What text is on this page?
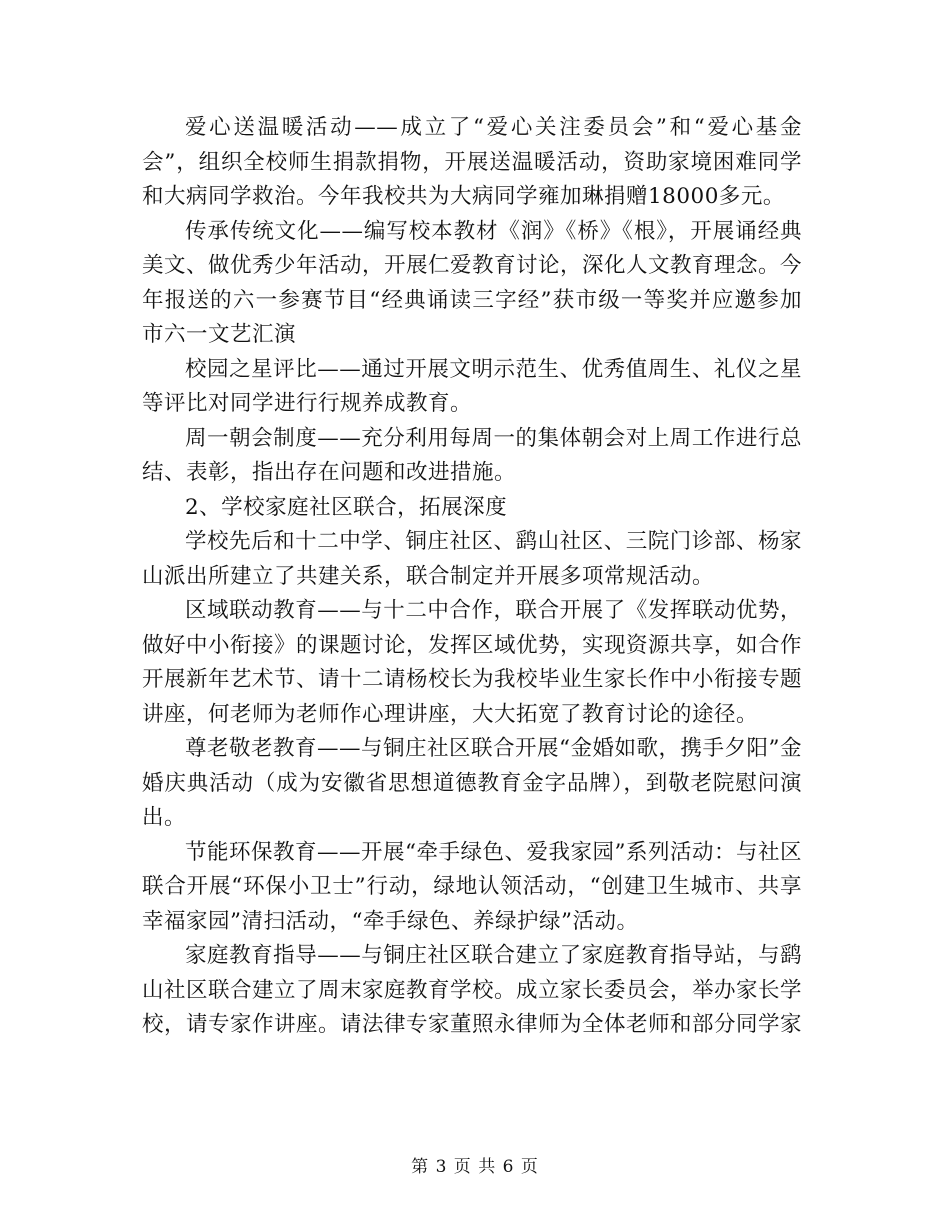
爱心送温暖活动——成立了“爱心关注委员会”和“爱心基金会”，组织全校师生捐款捐物，开展送温暖活动，资助家境困难同学和大病同学救治。今年我校共为大病同学雍加琳捐赠18000多元。

传承传统文化——编写校本教材《润》《桥》《根》，开展诵经典美文、做优秀少年活动，开展仁爱教育讨论，深化人文教育理念。今年报送的六一参赛节目“经典诵读三字经”获市级一等奖并应邀参加市六一文艺汇演

校园之星评比——通过开展文明示范生、优秀值周生、礼仪之星等评比对同学进行行规养成教育。

周一朝会制度——充分利用每周一的集体朝会对上周工作进行总结、表彰，指出存在问题和改进措施。

2、学校家庭社区联合，拓展深度

学校先后和十二中学、铜庄社区、鹞山社区、三院门诊部、杨家山派出所建立了共建关系，联合制定并开展多项常规活动。

区域联动教育——与十二中合作，联合开展了《发挥联动优势，做好中小衔接》的课题讨论，发挥区域优势，实现资源共享，如合作开展新年艺术节、请十二请杨校长为我校毕业生家长作中小衔接专题讲座，何老师为老师作心理讲座，大大拓宽了教育讨论的途径。

尊老敬老教育——与铜庄社区联合开展“金婚如歌，携手夕阳”金婚庆典活动（成为安徽省思想道德教育金字品牌），到敬老院慰问演出。

节能环保教育——开展“牵手绿色、爱我家园”系列活动：与社区联合开展“环保小卫士”行动，绿地认领活动，“创建卫生城市、共享幸福家园”清扫活动，“牵手绿色、养绿护绿”活动。

家庭教育指导——与铜庄社区联合建立了家庭教育指导站，与鹞山社区联合建立了周末家庭教育学校。成立家长委员会，举办家长学校，请专家作讲座。请法律专家董照永律师为全体老师和部分同学家

第 3 页 共 6 页
